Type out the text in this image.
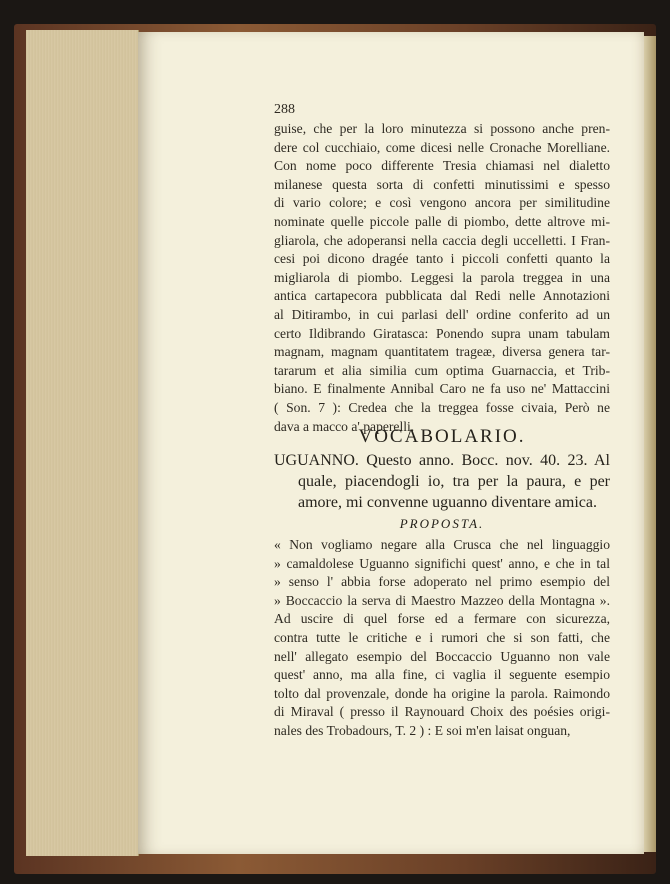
288
guise, che per la loro minutezza si possono anche pren-
dere col cucchiaio, come dicesi nelle Cronache Morelliane.
Con nome poco differente Tresia chiamasi nel dialetto
milanese questa sorta di confetti minutissimi e spesso
di vario colore; e così vengono ancora per similitudine
nominate quelle piccole palle di piombo, dette altrove mi-
gliarola, che adoperansi nella caccia degli uccelletti. I Fran-
cesi poi dicono dragée tanto i piccoli confetti quanto la
migliarola di piombo. Leggesi la parola treggea in una
antica cartapecora pubblicata dal Redi nelle Annotazioni
al Ditirambo, in cui parlasi dell' ordine conferito ad un
certo Ildibrando Giratasca: Ponendo supra unam tabulam
magnam, magnam quantitatem trageæ, diversa genera tar-
tararum et alia similia cum optima Guarnaccia, et Trib-
biano. E finalmente Annibal Caro ne fa uso ne' Mattaccini
( Son. 7 ): Credea che la treggea fosse civaia, Però ne
dava a macco a' paperelli.
VOCABOLARIO.
UGUANNO. Questo anno. Bocc. nov. 40. 23. Al
quale, piacendogli io, tra per la paura, e per
amore, mi convenne uguanno diventare amica.
PROPOSTA.
« Non vogliamo negare alla Crusca che nel linguaggio
» camaldolese Uguanno significhi quest' anno, e che in tal
» senso l' abbia forse adoperato nel primo esempio del
» Boccaccio la serva di Maestro Mazzeo della Montagna ».
Ad uscire di quel forse ed a fermare con sicurezza,
contra tutte le critiche e i rumori che si son fatti, che
nell' allegato esempio del Boccaccio Uguanno non vale
quest' anno, ma alla fine, ci vaglia il seguente esempio
tolto dal provenzale, donde ha origine la parola. Raimondo
di Miraval ( presso il Raynouard Choix des poésies origi-
nales des Trobadours, T. 2 ) : E soi m'en laisat onguan,
